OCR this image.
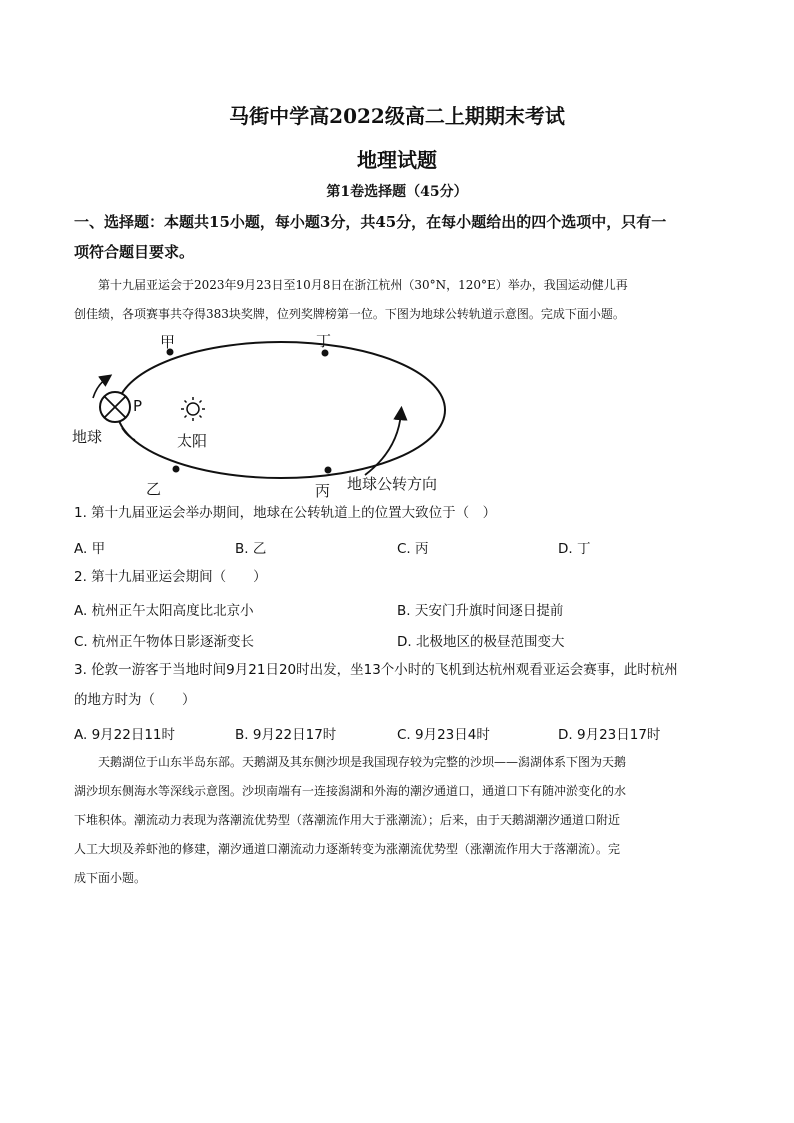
马街中学高2022级高二上期期末考试
地理试题
第1卷选择题（45分）
一、选择题：本题共15小题，每小题3分，共45分，在每小题给出的四个选项中，只有一
项符合题目要求。
第十九届亚运会于2023年9月23日至10月8日在浙江杭州（30°N，120°E）举办，我国运动健儿再
创佳绩，各项赛事共夺得383块奖牌，位列奖牌榜第一位。下图为地球公转轨道示意图。完成下面小题。
甲	丁
乙	丙
P
地球	太阳
地球公转方向
1. 第十九届亚运会举办期间，地球在公转轨道上的位置大致位于（　）
A. 甲	B. 乙	C. 丙	D. 丁
2. 第十九届亚运会期间（　　）
A. 杭州正午太阳高度比北京小	B. 天安门升旗时间逐日提前
C. 杭州正午物体日影逐渐变长	D. 北极地区的极昼范围变大
3. 伦敦一游客于当地时间9月21日20时出发，坐13个小时的飞机到达杭州观看亚运会赛事，此时杭州
的地方时为（　　）
A. 9月22日11时	B. 9月22日17时	C. 9月23日4时	D. 9月23日17时
天鹅湖位于山东半岛东部。天鹅湖及其东侧沙坝是我国现存较为完整的沙坝——潟湖体系下图为天鹅
湖沙坝东侧海水等深线示意图。沙坝南端有一连接潟湖和外海的潮汐通道口，通道口下有随冲淤变化的水
下堆积体。潮流动力表现为落潮流优势型（落潮流作用大于涨潮流）；后来，由于天鹅湖潮汐通道口附近
人工大坝及养虾池的修建，潮汐通道口潮流动力逐渐转变为涨潮流优势型（涨潮流作用大于落潮流）。完
成下面小题。
